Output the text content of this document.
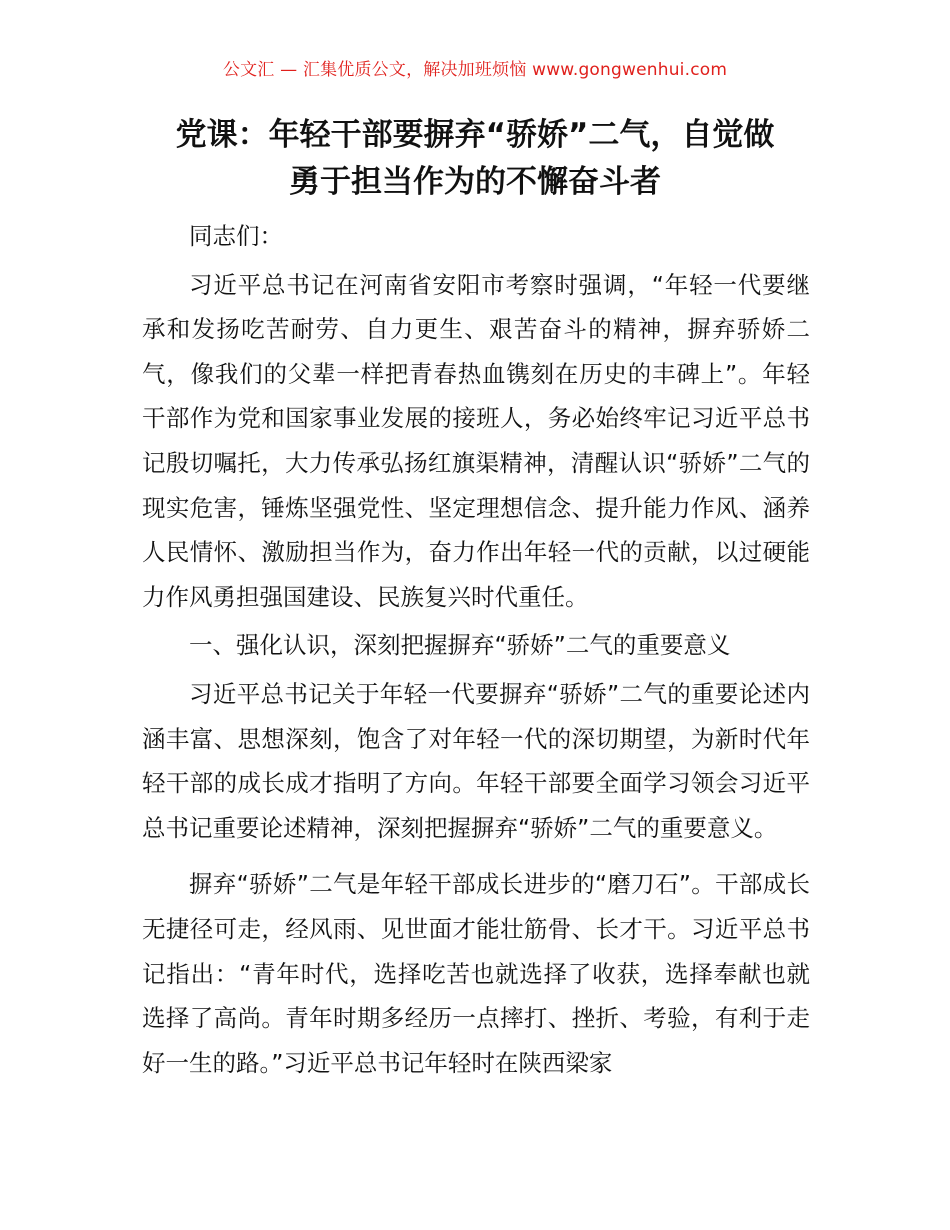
公文汇 — 汇集优质公文，解决加班烦恼 www.gongwenhui.com
党课：年轻干部要摒弃“骄娇”二气，自觉做
勇于担当作为的不懈奋斗者

同志们：

习近平总书记在河南省安阳市考察时强调，“年轻一代要继承和发扬吃苦耐劳、自力更生、艰苦奋斗的精神，摒弃骄娇二气，像我们的父辈一样把青春热血镌刻在历史的丰碑上”。年轻干部作为党和国家事业发展的接班人，务必始终牢记习近平总书记殷切嘱托，大力传承弘扬红旗渠精神，清醒认识“骄娇”二气的现实危害，锤炼坚强党性、坚定理想信念、提升能力作风、涵养人民情怀、激励担当作为，奋力作出年轻一代的贡献，以过硬能力作风勇担强国建设、民族复兴时代重任。

一、强化认识，深刻把握摒弃“骄娇”二气的重要意义

习近平总书记关于年轻一代要摒弃“骄娇”二气的重要论述内涵丰富、思想深刻，饱含了对年轻一代的深切期望，为新时代年轻干部的成长成才指明了方向。年轻干部要全面学习领会习近平总书记重要论述精神，深刻把握摒弃“骄娇”二气的重要意义。

摒弃“骄娇”二气是年轻干部成长进步的“磨刀石”。干部成长无捷径可走，经风雨、见世面才能壮筋骨、长才干。习近平总书记指出：“青年时代，选择吃苦也就选择了收获，选择奉献也就选择了高尚。青年时期多经历一点摔打、挫折、考验，有利于走好一生的路。”习近平总书记年轻时在陕西梁家
